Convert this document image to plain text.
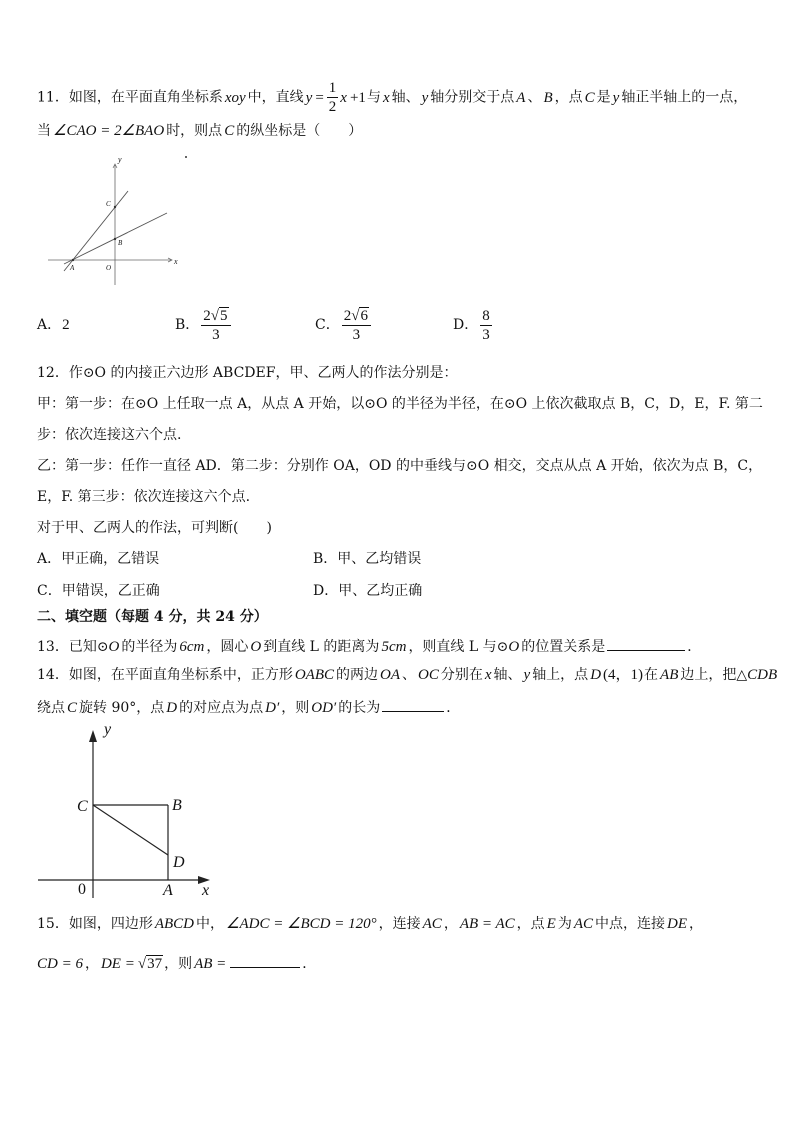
11．如图，在平面直角坐标系 xoy 中，直线 $y = \frac{1}{2}$ x +1与 x 轴、 y 轴分别交于点 A 、 B ，点 C 是 y 轴正半轴上的一点，
当 ∠CAO = 2∠BAO 时，则点 C 的纵坐标是（　　）
y
x
A	O
B
C
A．2	B． $\frac{2√5}{3}$	C． $\frac{2√6}{3}$	D． $\frac{8}{3}$
12．作⊙O 的内接正六边形 ABCDEF，甲、乙两人的作法分别是：
甲：第一步：在⊙O 上任取一点 A，从点 A 开始，以⊙O 的半径为半径，在⊙O 上依次截取点 B，C，D，E，F. 第二
步：依次连接这六个点.
乙：第一步：任作一直径 AD．第二步：分别作 OA，OD 的中垂线与⊙O 相交，交点从点 A 开始，依次为点 B，C，
E，F. 第三步：依次连接这六个点.
对于甲、乙两人的作法，可判断(　　)
A．甲正确，乙错误	B．甲、乙均错误
C．甲错误，乙正确	D．甲、乙均正确
二、填空题（每题 4 分，共 24 分）
13．已知⊙O 的半径为 6cm ，圆心 O 到直线 L 的距离为 5cm ，则直线 L 与⊙O 的位置关系是	．
14．如图，在平面直角坐标系中，正方形 OABC 的两边 OA 、 OC 分别在 x 轴、 y 轴上，点 D (4，1)在 AB 边上，把△CDB
绕点 C 旋转 90°，点 D 的对应点为点 D′ ，则 OD′ 的长为	．
y
C	B
D
0	A x
15．如图，四边形 ABCD 中， ∠ADC = ∠BCD = 120° ，连接 AC ， AB = AC ，点 E 为 AC 中点，连接 DE ，
CD = 6 ， DE = √37 ，则 AB =	．
